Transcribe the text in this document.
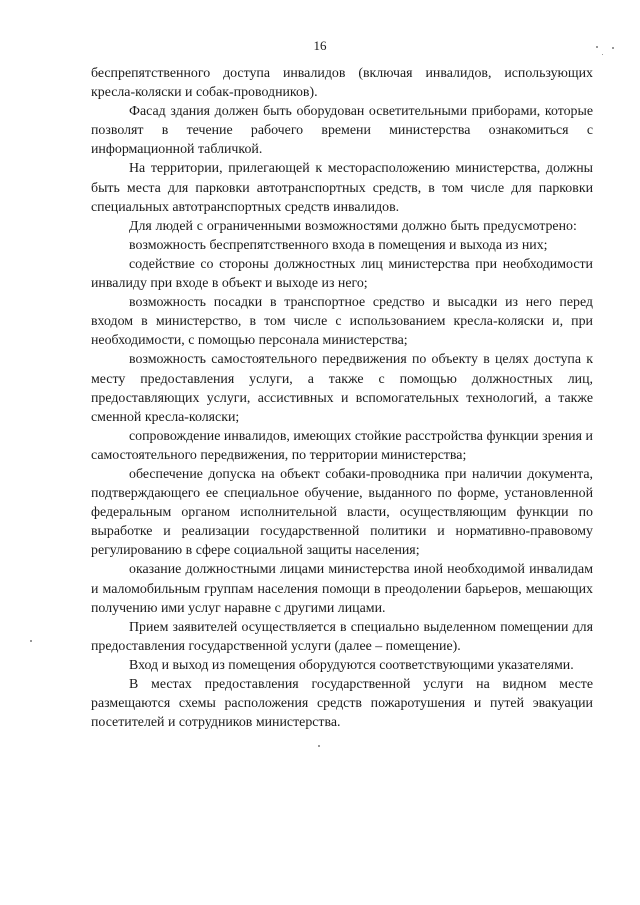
16

беспрепятственного доступа инвалидов (включая инвалидов, использующих кресла-коляски и собак-проводников).

Фасад здания должен быть оборудован осветительными приборами, которые позволят в течение рабочего времени министерства ознакомиться с информационной табличкой.

На территории, прилегающей к месторасположению министерства, должны быть места для парковки автотранспортных средств, в том числе для парковки специальных автотранспортных средств инвалидов.

Для людей с ограниченными возможностями должно быть предусмотрено:

возможность беспрепятственного входа в помещения и выхода из них;

содействие со стороны должностных лиц министерства при необходимости инвалиду при входе в объект и выходе из него;

возможность посадки в транспортное средство и высадки из него перед входом в министерство, в том числе с использованием кресла-коляски и, при необходимости, с помощью персонала министерства;

возможность самостоятельного передвижения по объекту в целях доступа к месту предоставления услуги, а также с помощью должностных лиц, предоставляющих услуги, ассистивных и вспомогательных технологий, а также сменной кресла-коляски;

сопровождение инвалидов, имеющих стойкие расстройства функции зрения и самостоятельного передвижения, по территории министерства;

обеспечение допуска на объект собаки-проводника при наличии документа, подтверждающего ее специальное обучение, выданного по форме, установленной федеральным органом исполнительной власти, осуществляющим функции по выработке и реализации государственной политики и нормативно-правовому регулированию в сфере социальной защиты населения;

оказание должностными лицами министерства иной необходимой инвалидам и маломобильным группам населения помощи в преодолении барьеров, мешающих получению ими услуг наравне с другими лицами.

Прием заявителей осуществляется в специально выделенном помещении для предоставления государственной услуги (далее – помещение).

Вход и выход из помещения оборудуются соответствующими указателями.

В местах предоставления государственной услуги на видном месте размещаются схемы расположения средств пожаротушения и путей эвакуации посетителей и сотрудников министерства.
